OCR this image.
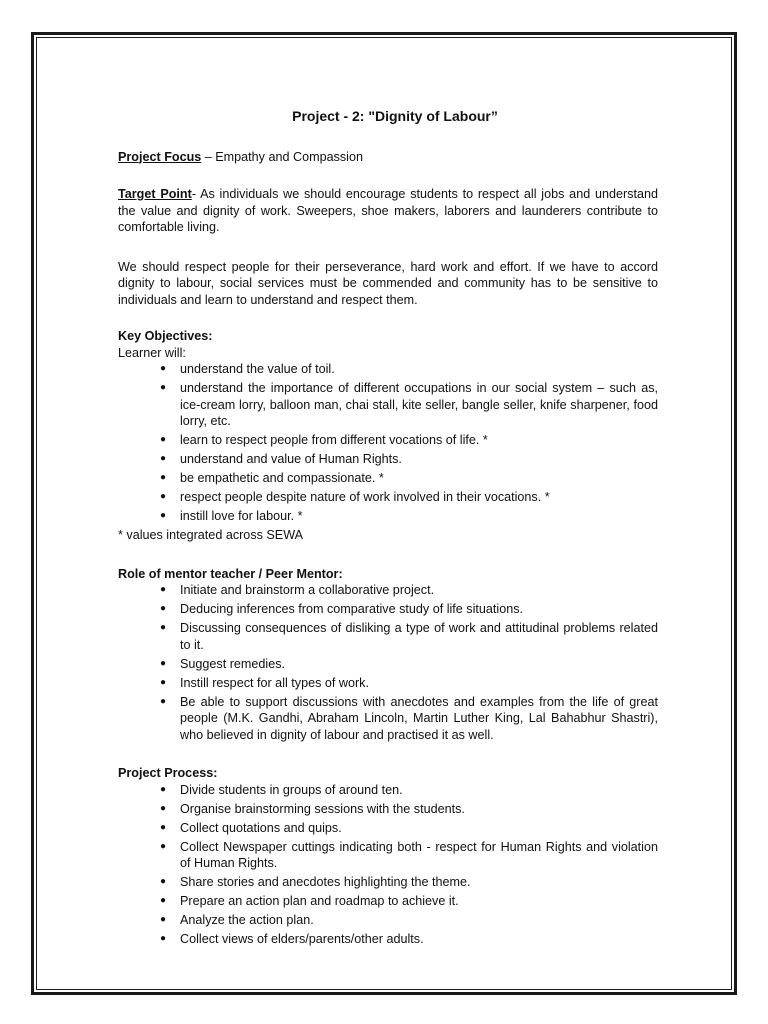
Project - 2: "Dignity of Labour”

Project Focus – Empathy and Compassion

Target Point- As individuals we should encourage students to respect all jobs and understand the value and dignity of work. Sweepers, shoe makers, laborers and launderers contribute to comfortable living.

We should respect people for their perseverance, hard work and effort. If we have to accord dignity to labour, social services must be commended and community has to be sensitive to individuals and learn to understand and respect them.

Key Objectives:

Learner will:

● understand the value of toil.
● understand the importance of different occupations in our social system – such as, ice-cream lorry, balloon man, chai stall, kite seller, bangle seller, knife sharpener, food lorry, etc.
● learn to respect people from different vocations of life. *
● understand and value of Human Rights.
● be empathetic and compassionate. *
● respect people despite nature of work involved in their vocations. *
● instill love for labour. *

* values integrated across SEWA

Role of mentor teacher / Peer Mentor:

● Initiate and brainstorm a collaborative project.
● Deducing inferences from comparative study of life situations.
● Discussing consequences of disliking a type of work and attitudinal problems related to it.
● Suggest remedies.
● Instill respect for all types of work.
● Be able to support discussions with anecdotes and examples from the life of great people (M.K. Gandhi, Abraham Lincoln, Martin Luther King, Lal Bahabhur Shastri), who believed in dignity of labour and practised it as well.

Project Process:

● Divide students in groups of around ten.
● Organise brainstorming sessions with the students.
● Collect quotations and quips.
● Collect Newspaper cuttings indicating both - respect for Human Rights and violation of Human Rights.
● Share stories and anecdotes highlighting the theme.
● Prepare an action plan and roadmap to achieve it.
● Analyze the action plan.
● Collect views of elders/parents/other adults.
